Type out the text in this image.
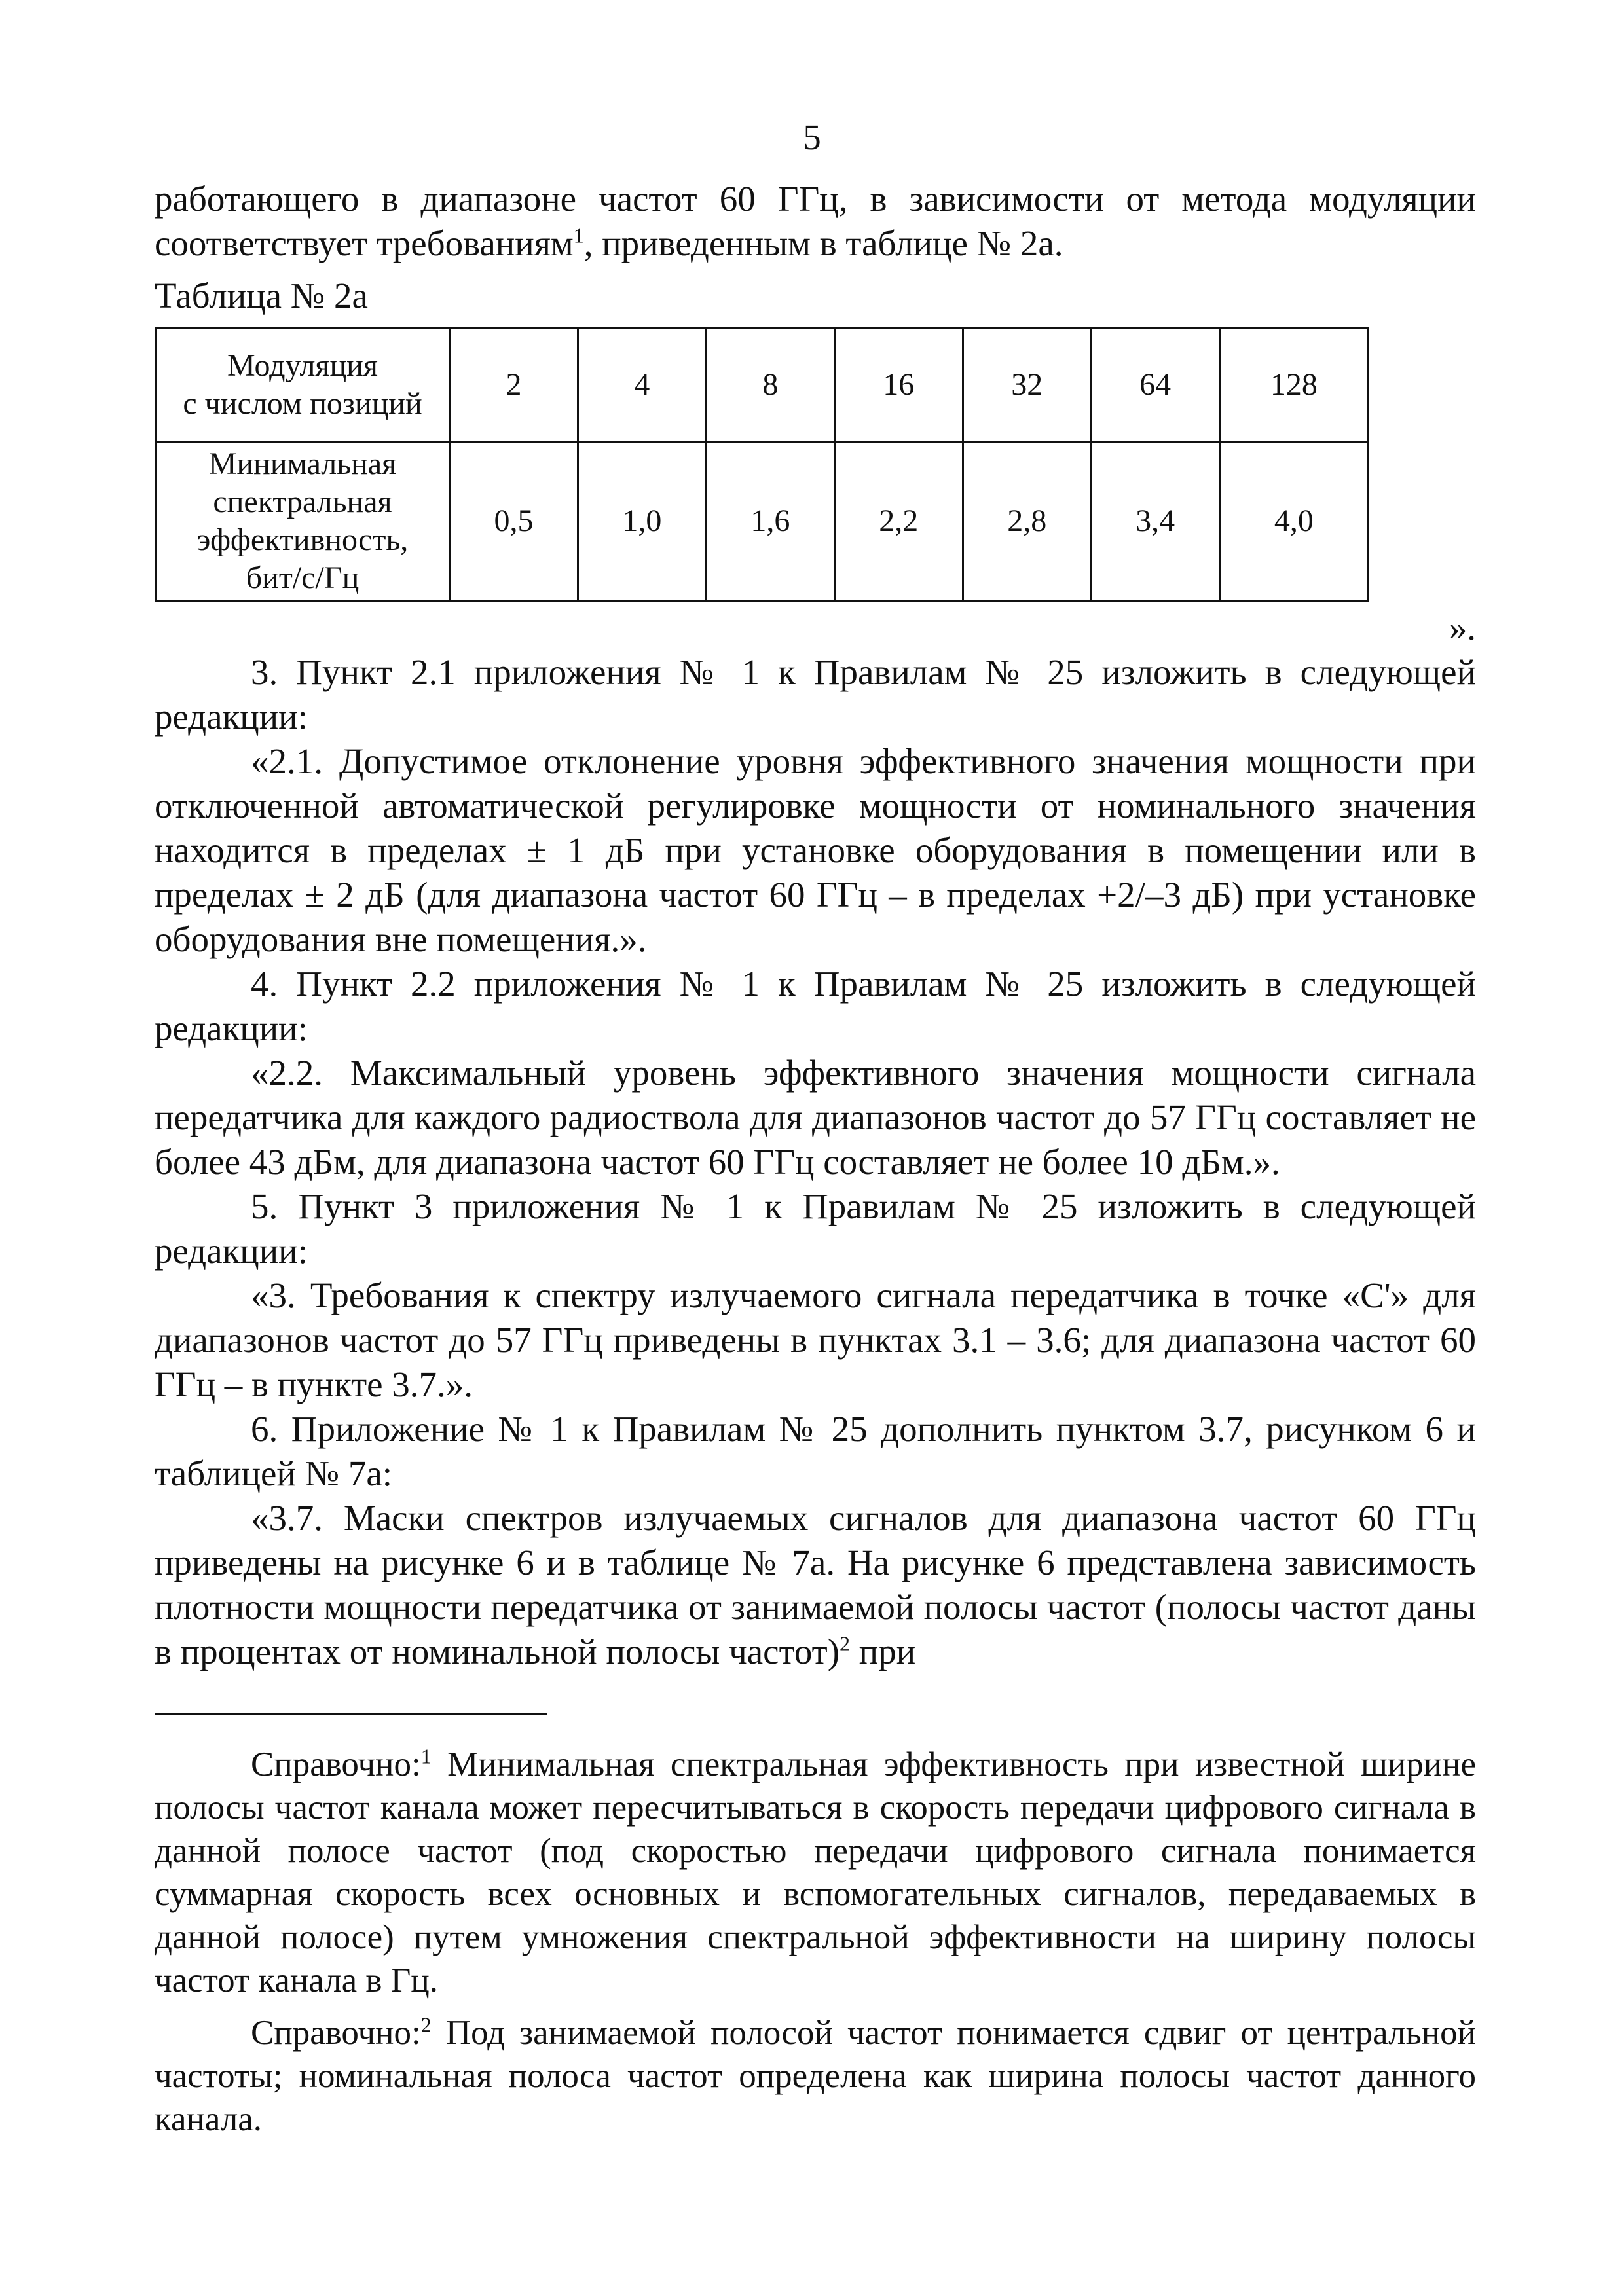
5

работающего в диапазоне частот 60 ГГц, в зависимости от метода модуляции соответствует требованиям$^1$, приведенным в таблице № 2а.

Таблица № 2а

Модуляция
с числом позиций	2	4	8	16	32	64	128

Минимальная
спектральная
эффективность,
бит/с/Гц	0,5	1,0	1,6	2,2	2,8	3,4	4,0

».

3. Пункт 2.1 приложения № 1 к Правилам № 25 изложить в следующей редакции:

«2.1. Допустимое отклонение уровня эффективного значения мощности при отключенной автоматической регулировке мощности от номинального значения находится в пределах ± 1 дБ при установке оборудования в помещении или в пределах ± 2 дБ (для диапазона частот 60 ГГц – в пределах +2/–3 дБ) при установке оборудования вне помещения.».

4. Пункт 2.2 приложения № 1 к Правилам № 25 изложить в следующей редакции:

«2.2. Максимальный уровень эффективного значения мощности сигнала передатчика для каждого радиоствола для диапазонов частот до 57 ГГц составляет не более 43 дБм, для диапазона частот 60 ГГц составляет не более 10 дБм.».

5. Пункт 3 приложения № 1 к Правилам № 25 изложить в следующей редакции:

«3. Требования к спектру излучаемого сигнала передатчика в точке «С'» для диапазонов частот до 57 ГГц приведены в пунктах 3.1 – 3.6; для диапазона частот 60 ГГц – в пункте 3.7.».

6. Приложение № 1 к Правилам № 25 дополнить пунктом 3.7, рисунком 6 и таблицей № 7а:

«3.7. Маски спектров излучаемых сигналов для диапазона частот 60 ГГц приведены на рисунке 6 и в таблице № 7а. На рисунке 6 представлена зависимость плотности мощности передатчика от занимаемой полосы частот (полосы частот даны в процентах от номинальной полосы частот)$^2$ при

Справочно:$^1$ Минимальная спектральная эффективность при известной ширине полосы частот канала может пересчитываться в скорость передачи цифрового сигнала в данной полосе частот (под скоростью передачи цифрового сигнала понимается суммарная скорость всех основных и вспомогательных сигналов, передаваемых в данной полосе) путем умножения спектральной эффективности на ширину полосы частот канала в Гц.

Справочно:$^2$ Под занимаемой полосой частот понимается сдвиг от центральной частоты; номинальная полоса частот определена как ширина полосы частот данного канала.
